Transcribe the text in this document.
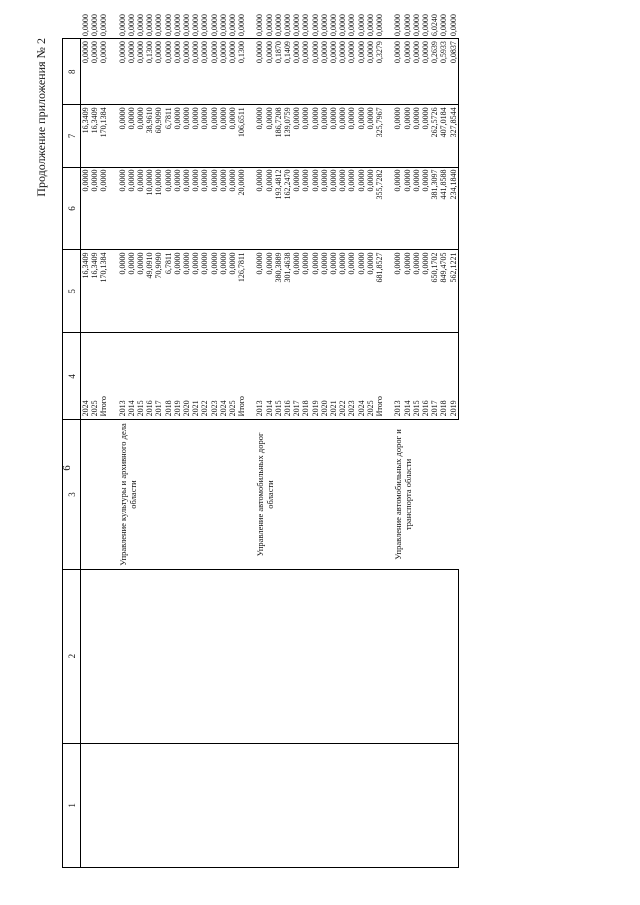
6
Продолжение приложения № 2
1	2	3	4	5	6	7	8	
			2024	16,3409	0,0000	16,3409	0,0000	0,0000
			2025	16,3409	0,0000	16,3409	0,0000	0,0000
			Итого	170,1384	0,0000	170,1384	0,0000	0,0000

		Управление культуры и архивного дела области	2013	0,0000	0,0000	0,0000	0,0000	0,0000
			2014	0,0000	0,0000	0,0000	0,0000	0,0000
			2015	0,0000	0,0000	0,0000	0,0000	0,0000
			2016	49,0910	10,0000	38,9610	0,1300	0,0000
			2017	70,9090	10,0000	60,9090	0,0000	0,0000
			2018	6,7811	0,0000	6,7811	0,0000	0,0000
			2019	0,0000	0,0000	0,0000	0,0000	0,0000
			2020	0,0000	0,0000	0,0000	0,0000	0,0000
			2021	0,0000	0,0000	0,0000	0,0000	0,0000
			2022	0,0000	0,0000	0,0000	0,0000	0,0000
			2023	0,0000	0,0000	0,0000	0,0000	0,0000
			2024	0,0000	0,0000	0,0000	0,0000	0,0000
			2025	0,0000	0,0000	0,0000	0,0000	0,0000
			Итого	126,7811	20,0000	106,6511	0,1300	0,0000

		Управление автомобильных дорог области	2013	0,0000	0,0000	0,0000	0,0000	0,0000
			2014	0,0000	0,0000	0,0000	0,0000	0,0000
			2015	380,3889	193,4812	186,7208	0,1870	0,0000
			2016	301,4638	162,2470	139,0759	0,1409	0,0000
			2017	0,0000	0,0000	0,0000	0,0000	0,0000
			2018	0,0000	0,0000	0,0000	0,0000	0,0000
			2019	0,0000	0,0000	0,0000	0,0000	0,0000
			2020	0,0000	0,0000	0,0000	0,0000	0,0000
			2021	0,0000	0,0000	0,0000	0,0000	0,0000
			2022	0,0000	0,0000	0,0000	0,0000	0,0000
			2023	0,0000	0,0000	0,0000	0,0000	0,0000
			2024	0,0000	0,0000	0,0000	0,0000	0,0000
			2025	0,0000	0,0000	0,0000	0,0000	0,0000
			Итого	681,8527	355,7282	325,7967	0,3279	0,0000

		Управление автомобильных дорог и транспорта области	2013	0,0000	0,0000	0,0000	0,0000	0,0000
			2014	0,0000	0,0000	0,0000	0,0000	0,0000
			2015	0,0000	0,0000	0,0000	0,0000	0,0000
			2016	0,0000	0,0000	0,0000	0,0000	0,0000
			2017	650,1702	381,3097	262,5726	0,2639	6,0240
			2018	849,4705	441,8588	407,0184	0,5933	0,0000
			2019	562,1221	234,1840	327,8544	0,0837	0,0000
